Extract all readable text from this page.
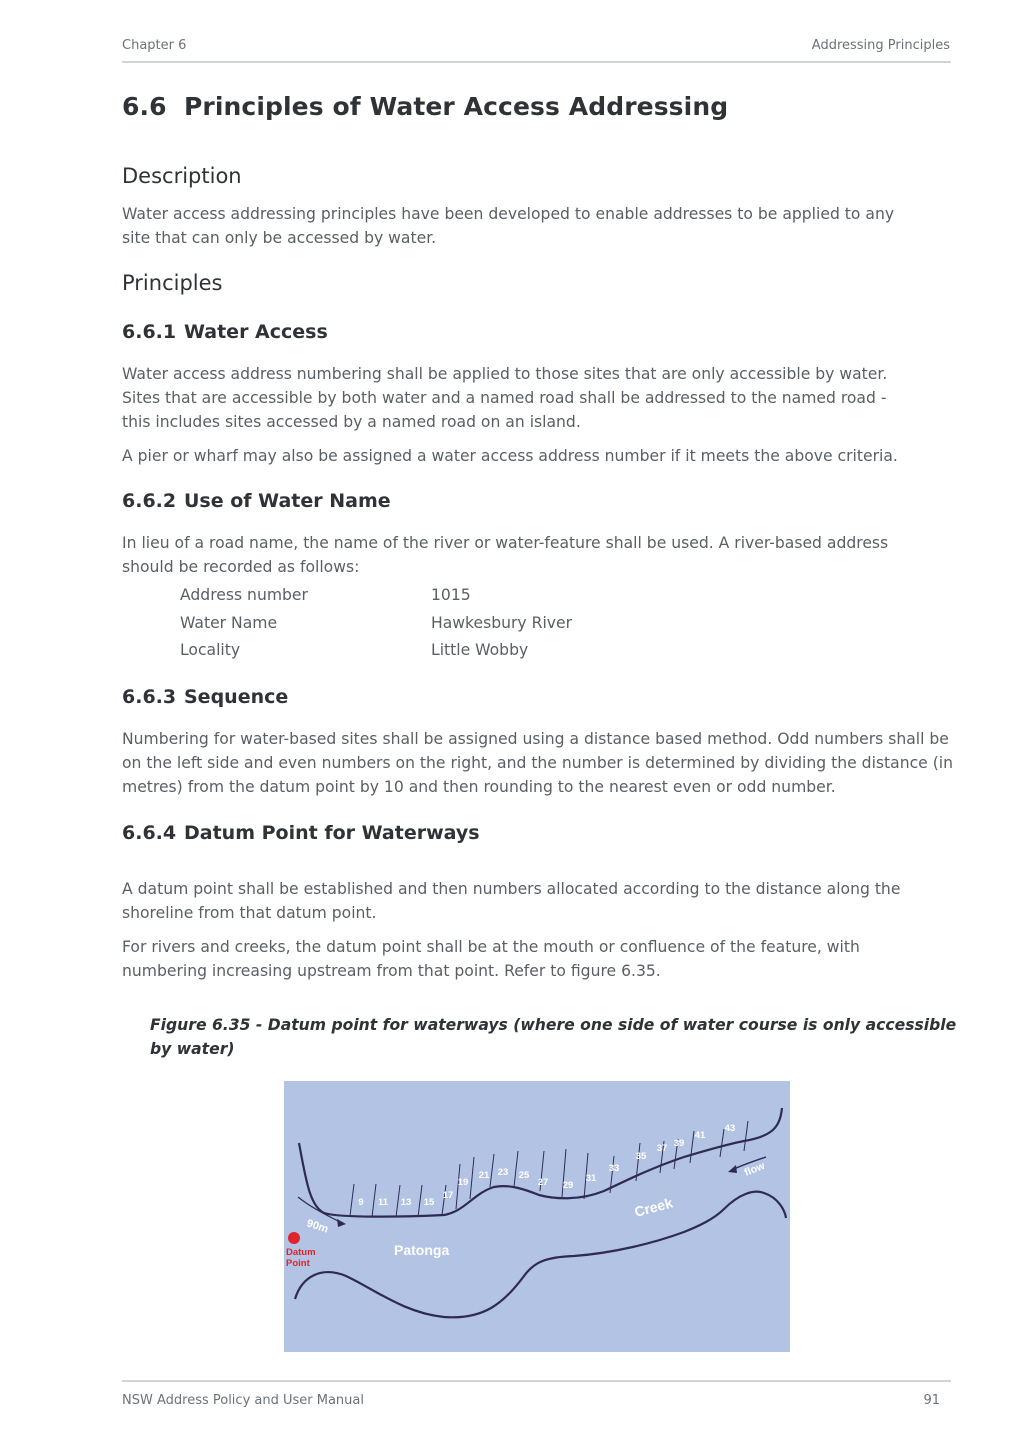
Chapter 6	Addressing Principles
6.6 Principles of Water Access Addressing
Description

Water access addressing principles have been developed to enable addresses to be applied to any
site that can only be accessed by water.

Principles
6.6.1 Water Access

Water access address numbering shall be applied to those sites that are only accessible by water.
Sites that are accessible by both water and a named road shall be addressed to the named road -
this includes sites accessed by a named road on an island.

A pier or wharf may also be assigned a water access address number if it meets the above criteria.

6.6.2 Use of Water Name

In lieu of a road name, the name of the river or water-feature shall be used. A river-based address
should be recorded as follows:

Address number	1015
Water Name	Hawkesbury River
Locality	Little Wobby
6.6.3 Sequence

Numbering for water-based sites shall be assigned using a distance based method. Odd numbers shall be
on the left side and even numbers on the right, and the number is determined by dividing the distance (in
metres) from the datum point by 10 and then rounding to the nearest even or odd number.

6.6.4 Datum Point for Waterways

A datum point shall be established and then numbers allocated according to the distance along the
shoreline from that datum point.

For rivers and creeks, the datum point shall be at the mouth or confluence of the feature, with
numbering increasing upstream from that point. Refer to figure 6.35.

Figure 6.35 - Datum point for waterways (where one side of water course is only accessible
by water)
9 11 13 15
17
19
21 23 25
27 29
31
33
35
37 39
41
43
90m
Datum
Point
Patonga
Creek
flow
NSW Address Policy and User Manual	91
